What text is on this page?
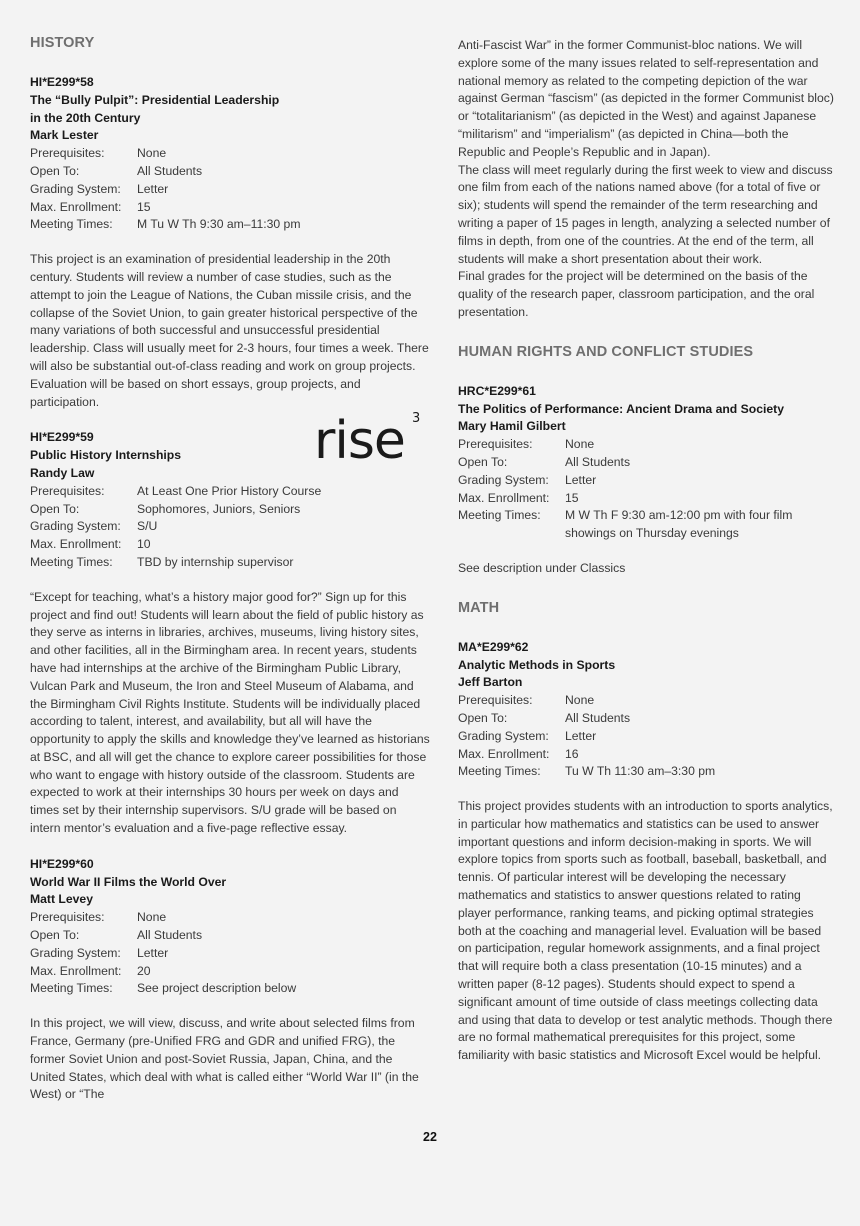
HISTORY
HI*E299*58
The “Bully Pulpit”: Presidential Leadership
in the 20th Century
Mark Lester
Prerequisites:	None
Open To:	All Students
Grading System:	Letter
Max. Enrollment:	15
Meeting Times:	M Tu W Th 9:30 am–11:30 pm

This project is an examination of presidential leadership in the 20th century. Students will review a number of case studies, such as the attempt to join the League of Nations, the Cuban missile crisis, and the collapse of the Soviet Union, to gain greater historical perspective of the many variations of both successful and unsuccessful presidential leadership. Class will usually meet for 2-3 hours, four times a week. There will also be substantial out-of-class reading and work on group projects. Evaluation will be based on short essays, group projects, and participation.

HI*E299*59
Public History Internships
Randy Law
Prerequisites:	At Least One Prior History Course
Open To:	Sophomores, Juniors, Seniors
Grading System:	S/U
Max. Enrollment:	10
Meeting Times:	TBD by internship supervisor

“Except for teaching, what’s a history major good for?” Sign up for this project and find out! Students will learn about the field of public history as they serve as interns in libraries, archives, museums, living history sites, and other facilities, all in the Birmingham area. In recent years, students have had internships at the archive of the Birmingham Public Library, Vulcan Park and Museum, the Iron and Steel Museum of Alabama, and the Birmingham Civil Rights Institute. Students will be individually placed according to talent, interest, and availability, but all will have the opportunity to apply the skills and knowledge they’ve learned as historians at BSC, and all will get the chance to explore career possibilities for those who want to engage with history outside of the classroom. Students are expected to work at their internships 30 hours per week on days and times set by their internship supervisors. S/U grade will be based on intern mentor’s evaluation and a five-page reflective essay.

HI*E299*60
World War II Films the World Over
Matt Levey
Prerequisites:	None
Open To:	All Students
Grading System:	Letter
Max. Enrollment:	20
Meeting Times:	See project description below

In this project, we will view, discuss, and write about selected films from France, Germany (pre-Unified FRG and GDR and unified FRG), the former Soviet Union and post-Soviet Russia, Japan, China, and the United States, which deal with what is called either “World War II” (in the West) or “The

rise 3

Anti-Fascist War” in the former Communist-bloc nations. We will explore some of the many issues related to self-representation and national memory as related to the competing depiction of the war against German “fascism” (as depicted in the former Communist bloc) or “totalitarianism” (as depicted in the West) and against Japanese “militarism” and “imperialism” (as depicted in China—both the Republic and People’s Republic and in Japan).

The class will meet regularly during the first week to view and discuss one film from each of the nations named above (for a total of five or six); students will spend the remainder of the term researching and writing a paper of 15 pages in length, analyzing a selected number of films in depth, from one of the countries. At the end of the term, all students will make a short presentation about their work.

Final grades for the project will be determined on the basis of the quality of the research paper, classroom participation, and the oral presentation.

HUMAN RIGHTS AND CONFLICT STUDIES
HRC*E299*61
The Politics of Performance: Ancient Drama and Society
Mary Hamil Gilbert
Prerequisites:	None
Open To:	All Students
Grading System:	Letter
Max. Enrollment:	15
Meeting Times:	M W Th F 9:30 am-12:00 pm with four film showings on Thursday evenings

See description under Classics

MATH
MA*E299*62
Analytic Methods in Sports
Jeff Barton
Prerequisites:	None
Open To:	All Students
Grading System:	Letter
Max. Enrollment:	16
Meeting Times:	Tu W Th 11:30 am–3:30 pm

This project provides students with an introduction to sports analytics, in particular how mathematics and statistics can be used to answer important questions and inform decision-making in sports. We will explore topics from sports such as football, baseball, basketball, and tennis. Of particular interest will be developing the necessary mathematics and statistics to answer questions related to rating player performance, ranking teams, and picking optimal strategies both at the coaching and managerial level. Evaluation will be based on participation, regular homework assignments, and a final project that will require both a class presentation (10-15 minutes) and a written paper (8-12 pages). Students should expect to spend a significant amount of time outside of class meetings collecting data and using that data to develop or test analytic methods. Though there are no formal mathematical prerequisites for this project, some familiarity with basic statistics and Microsoft Excel would be helpful.

22
